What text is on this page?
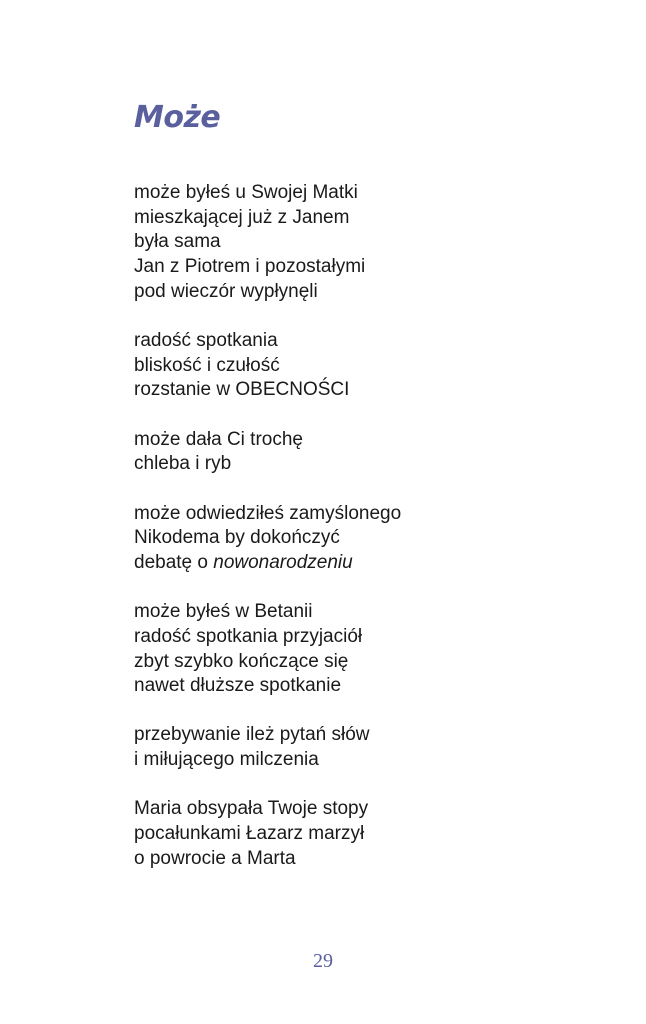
Może
może byłeś u Swojej Matki
mieszkającej już z Janem
była sama
Jan z Piotrem i pozostałymi
pod wieczór wypłynęli
radość spotkania
bliskość i czułość
rozstanie w OBECNOŚCI
może dała Ci trochę
chleba i ryb
może odwiedziłeś zamyślonego
Nikodema by dokończyć
debatę o nowonarodzeniu
może byłeś w Betanii
radość spotkania przyjaciół
zbyt szybko kończące się
nawet dłuższe spotkanie
przebywanie ileż pytań słów
i miłującego milczenia
Maria obsypała Twoje stopy
pocałunkami Łazarz marzył
o powrocie a Marta
29
